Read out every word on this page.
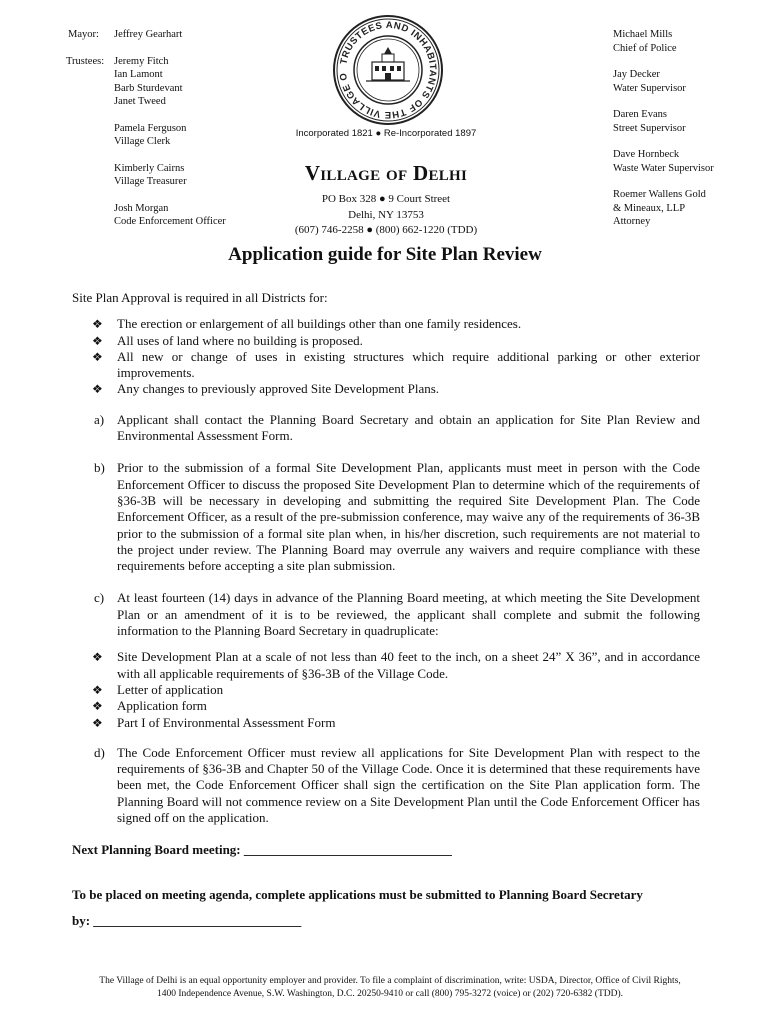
Mayor: Jeffrey Gearhart
Trustees: Jeremy Fitch
Ian Lamont
Barb Sturdevant
Janet Tweed
Pamela Ferguson
Village Clerk
Kimberly Cairns
Village Treasurer
Josh Morgan
Code Enforcement Officer
TRUSTEES AND INHABITANTS OF THE VILLAGE O
Incorporated 1821 ● Re-Incorporated 1897
Village of Delhi
PO Box 328 ● 9 Court Street
Delhi, NY 13753
(607) 746-2258 ● (800) 662-1220 (TDD)
Michael Mills
Chief of Police
Jay Decker
Water Supervisor
Daren Evans
Street Supervisor
Dave Hornbeck
Waste Water Supervisor
Roemer Wallens Gold
& Mineaux, LLP
Attorney
Application guide for Site Plan Review

Site Plan Approval is required in all Districts for:

❖ The erection or enlargement of all buildings other than one family residences.
❖ All uses of land where no building is proposed.
❖ All new or change of uses in existing structures which require additional parking or other exterior improvements.
❖ Any changes to previously approved Site Development Plans.
a) Applicant shall contact the Planning Board Secretary and obtain an application for Site Plan Review and Environmental Assessment Form.
b) Prior to the submission of a formal Site Development Plan, applicants must meet in person with the Code Enforcement Officer to discuss the proposed Site Development Plan to determine which of the requirements of §36-3B will be necessary in developing and submitting the required Site Development Plan. The Code Enforcement Officer, as a result of the pre-submission conference, may waive any of the requirements of 36-3B prior to the submission of a formal site plan when, in his/her discretion, such requirements are not material to the project under review. The Planning Board may overrule any waivers and require compliance with these requirements before accepting a site plan submission.
c) At least fourteen (14) days in advance of the Planning Board meeting, at which meeting the Site Development Plan or an amendment of it is to be reviewed, the applicant shall complete and submit the following information to the Planning Board Secretary in quadruplicate:
❖ Site Development Plan at a scale of not less than 40 feet to the inch, on a sheet 24” X 36”, and in accordance with all applicable requirements of §36-3B of the Village Code.
❖ Letter of application
❖ Application form
❖ Part I of Environmental Assessment Form
d) The Code Enforcement Officer must review all applications for Site Development Plan with respect to the requirements of §36-3B and Chapter 50 of the Village Code. Once it is determined that these requirements have been met, the Code Enforcement Officer shall sign the certification on the Site Plan application form. The Planning Board will not commence review on a Site Development Plan until the Code Enforcement Officer has signed off on the application.

Next Planning Board meeting: ________________________________

To be placed on meeting agenda, complete applications must be submitted to Planning Board Secretary

by: ________________________________

The Village of Delhi is an equal opportunity employer and provider. To file a complaint of discrimination, write: USDA, Director, Office of Civil Rights,
1400 Independence Avenue, S.W. Washington, D.C. 20250-9410 or call (800) 795-3272 (voice) or (202) 720-6382 (TDD).
